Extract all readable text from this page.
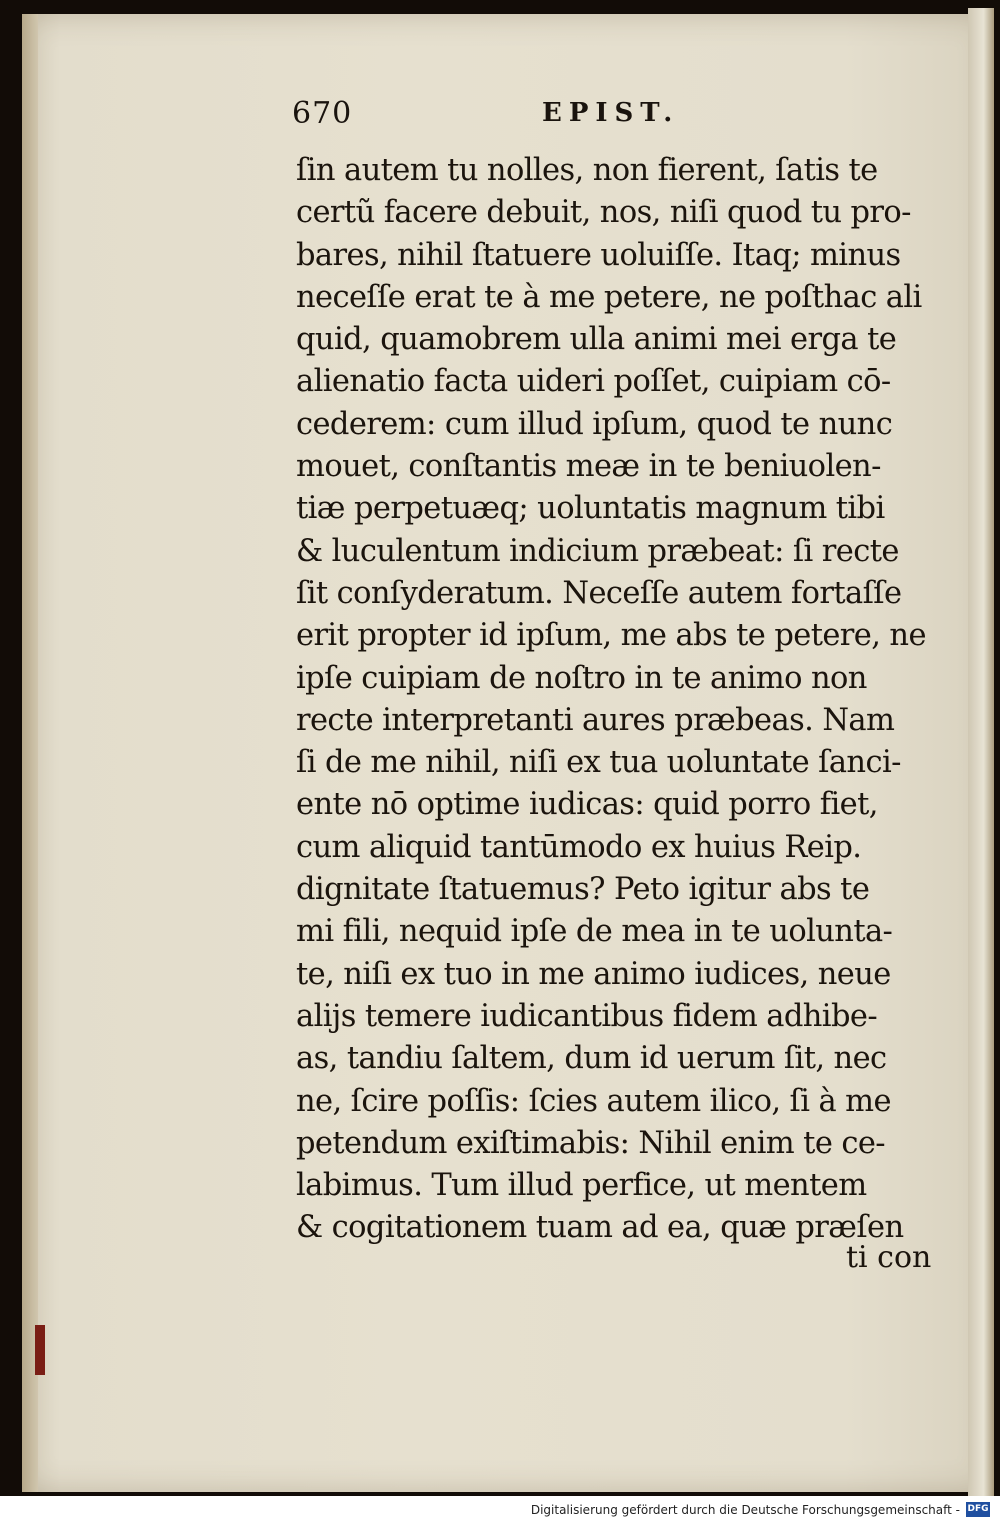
670	EPIST.
ſin autem tu nolles, non fierent, ſatis te
certũ facere debuit, nos, niſi quod tu pro-
bares, nihil ſtatuere uoluiſſe. Itaq; minus
neceſſe erat te à me petere, ne poſthac ali
quid, quamobrem ulla animi mei erga te
alienatio facta uideri poſſet, cuipiam cō-
cederem: cum illud ipſum, quod te nunc
mouet, conſtantis meæ in te beniuolen-
tiæ perpetuæq; uoluntatis magnum tibi
& luculentum indicium præbeat: ſi recte
ſit conſyderatum. Neceſſe autem fortaſſe
erit propter id ipſum, me abs te petere, ne
ipſe cuipiam de noſtro in te animo non
recte interpretanti aures præbeas. Nam
ſi de me nihil, niſi ex tua uoluntate ſanci-
ente nō optime iudicas: quid porro fiet,
cum aliquid tantūmodo ex huius Reip.
dignitate ſtatuemus? Peto igitur abs te
mi fili, nequid ipſe de mea in te uolunta-
te, niſi ex tuo in me animo iudices, neue
alijs temere iudicantibus fidem adhibe-
as, tandiu ſaltem, dum id uerum ſit, nec
ne, ſcire poſſis: ſcies autem ilico, ſi à me
petendum exiſtimabis: Nihil enim te ce-
labimus. Tum illud perfice, ut mentem
& cogitationem tuam ad ea, quæ præſen
ti con
Digitalisierung gefördert durch die Deutsche Forschungsgemeinschaft - DFG
